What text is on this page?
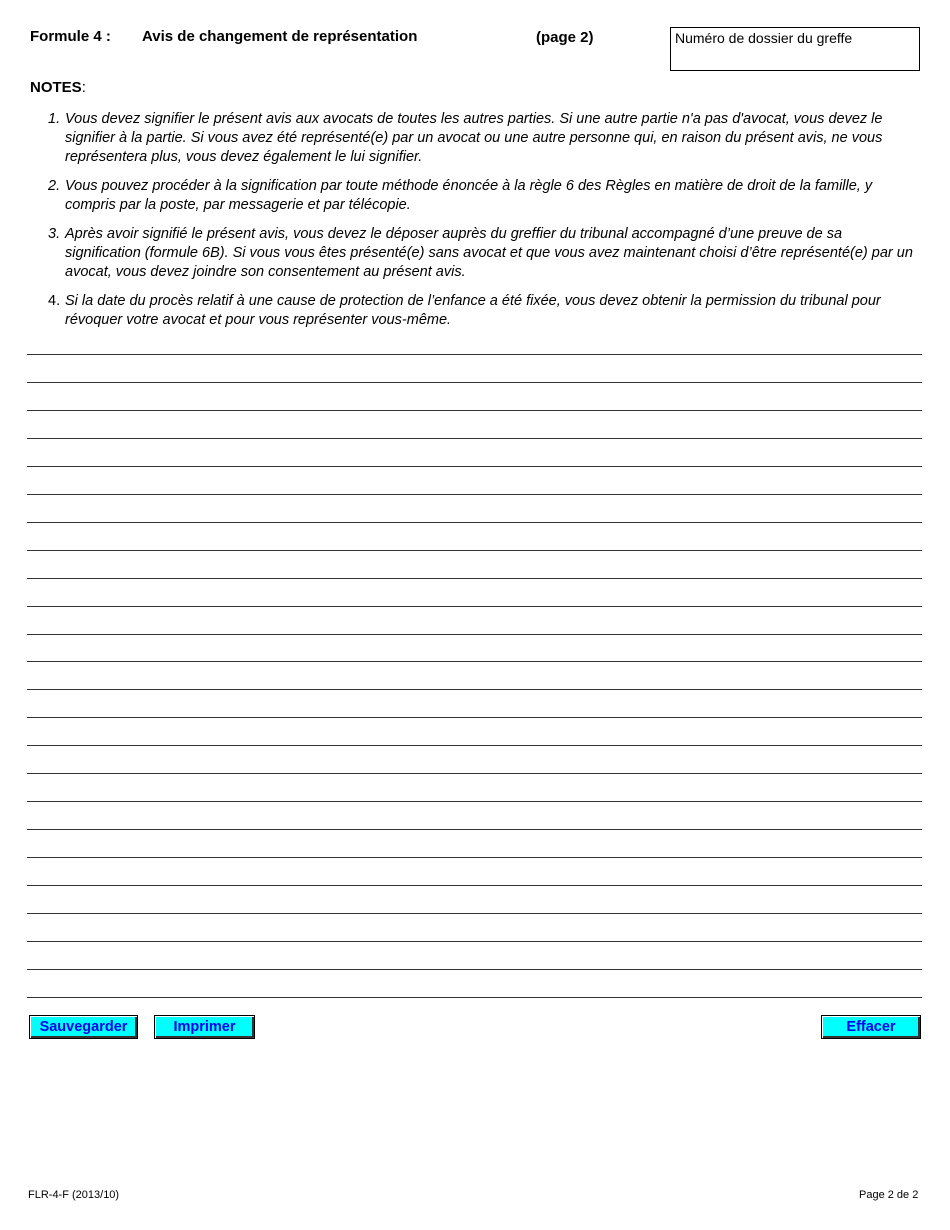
Formule 4 : Avis de changement de représentation	(page 2)	Numéro de dossier du greffe
NOTES:
1. Vous devez signifier le présent avis aux avocats de toutes les autres parties. Si une autre partie n'a pas d'avocat, vous devez le signifier à la partie. Si vous avez été représenté(e) par un avocat ou une autre personne qui, en raison du présent avis, ne vous représentera plus, vous devez également le lui signifier.
2. Vous pouvez procéder à la signification par toute méthode énoncée à la règle 6 des Règles en matière de droit de la famille, y compris par la poste, par messagerie et par télécopie.
3. Après avoir signifié le présent avis, vous devez le déposer auprès du greffier du tribunal accompagné d’une preuve de sa signification (formule 6B). Si vous vous êtes présenté(e) sans avocat et que vous avez maintenant choisi d’être représenté(e) par un avocat, vous devez joindre son consentement au présent avis.
4. Si la date du procès relatif à une cause de protection de l’enfance a été fixée, vous devez obtenir la permission du tribunal pour révoquer votre avocat et pour vous représenter vous-même.
Sauvegarder	Imprimer	Effacer
FLR-4-F (2013/10)	Page 2 de 2
